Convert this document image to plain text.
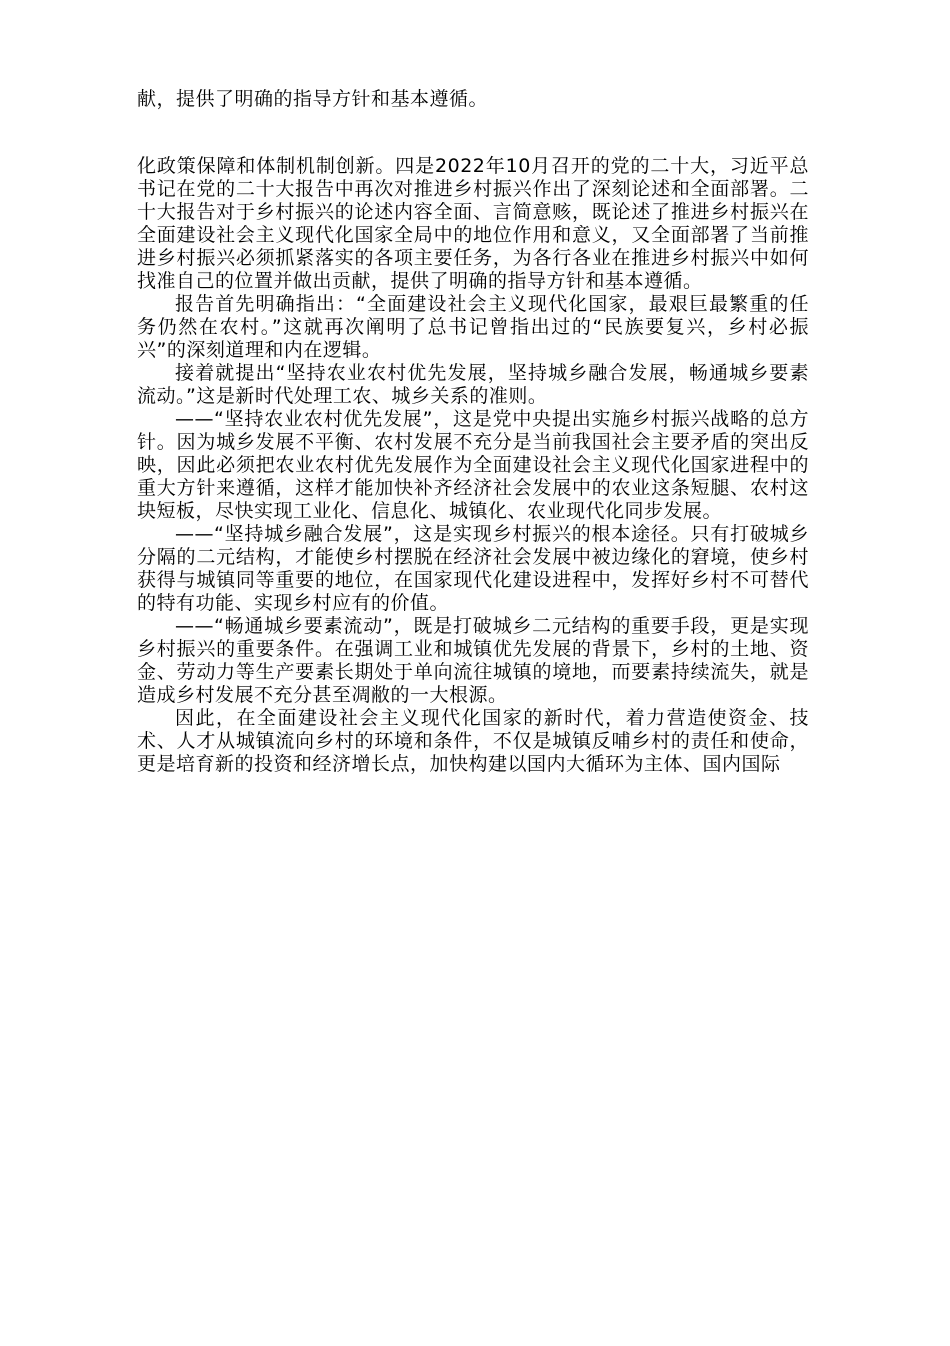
献，提供了明确的指导方针和基本遵循。

化政策保障和体制机制创新。四是2022年10月召开的党的二十大，习近平总书记在党的二十大报告中再次对推进乡村振兴作出了深刻论述和全面部署。二十大报告对于乡村振兴的论述内容全面、言简意赅，既论述了推进乡村振兴在全面建设社会主义现代化国家全局中的地位作用和意义，又全面部署了当前推进乡村振兴必须抓紧落实的各项主要任务，为各行各业在推进乡村振兴中如何找准自己的位置并做出贡献，提供了明确的指导方针和基本遵循。

报告首先明确指出：“全面建设社会主义现代化国家，最艰巨最繁重的任务仍然在农村。”这就再次阐明了总书记曾指出过的“民族要复兴，乡村必振兴”的深刻道理和内在逻辑。

接着就提出“坚持农业农村优先发展，坚持城乡融合发展，畅通城乡要素流动。”这是新时代处理工农、城乡关系的准则。

——“坚持农业农村优先发展”，这是党中央提出实施乡村振兴战略的总方针。因为城乡发展不平衡、农村发展不充分是当前我国社会主要矛盾的突出反映，因此必须把农业农村优先发展作为全面建设社会主义现代化国家进程中的重大方针来遵循，这样才能加快补齐经济社会发展中的农业这条短腿、农村这块短板，尽快实现工业化、信息化、城镇化、农业现代化同步发展。

——“坚持城乡融合发展”，这是实现乡村振兴的根本途径。只有打破城乡分隔的二元结构，才能使乡村摆脱在经济社会发展中被边缘化的窘境，使乡村获得与城镇同等重要的地位，在国家现代化建设进程中，发挥好乡村不可替代的特有功能、实现乡村应有的价值。

——“畅通城乡要素流动”，既是打破城乡二元结构的重要手段，更是实现乡村振兴的重要条件。在强调工业和城镇优先发展的背景下，乡村的土地、资金、劳动力等生产要素长期处于单向流往城镇的境地，而要素持续流失，就是造成乡村发展不充分甚至凋敝的一大根源。

因此，在全面建设社会主义现代化国家的新时代，着力营造使资金、技术、人才从城镇流向乡村的环境和条件，不仅是城镇反哺乡村的责任和使命，更是培育新的投资和经济增长点，加快构建以国内大循环为主体、国内国际
